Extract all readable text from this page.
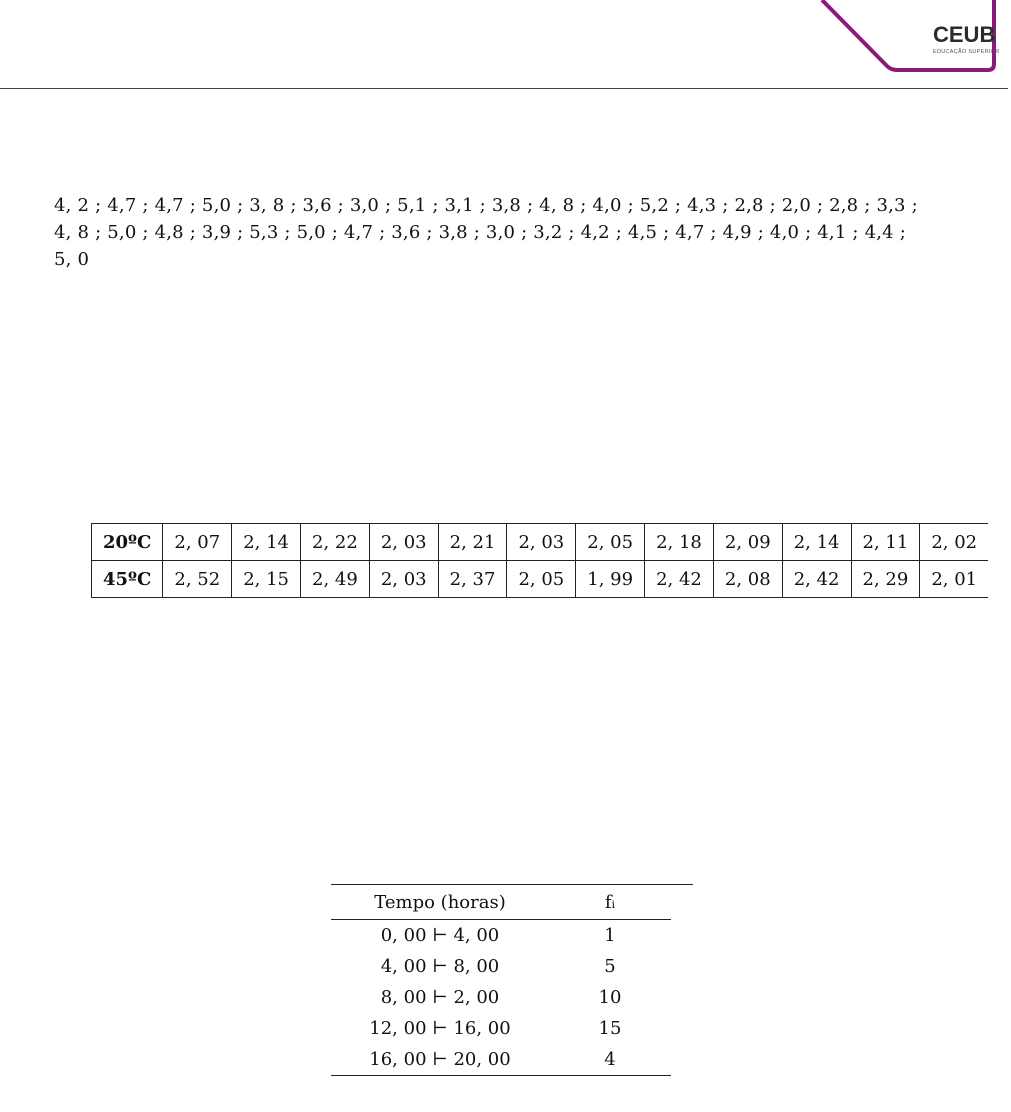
CEUB
EDUCAÇÃO SUPERIOR
4, 2 ; 4,7 ; 4,7 ; 5,0 ; 3, 8 ; 3,6 ; 3,0 ; 5,1 ; 3,1 ; 3,8 ; 4, 8 ; 4,0 ; 5,2 ; 4,3 ; 2,8 ; 2,0 ; 2,8 ; 3,3 ;
4, 8 ; 5,0 ; 4,8 ; 3,9 ; 5,3 ; 5,0 ; 4,7 ; 3,6 ; 3,8 ; 3,0 ; 3,2 ; 4,2 ; 4,5 ; 4,7 ; 4,9 ; 4,0 ; 4,1 ; 4,4 ;
5, 0
20ºC	2, 07	2, 14	2, 22	2, 03	2, 21	2, 03	2, 05	2, 18	2, 09	2, 14	2, 11	2, 02
45ºC	2, 52	2, 15	2, 49	2, 03	2, 37	2, 05	1, 99	2, 42	2, 08	2, 42	2, 29	2, 01
Tempo (horas)	fᵢ
0, 00 ⊢ 4, 00	1
4, 00 ⊢ 8, 00	5
8, 00 ⊢ 2, 00	10
12, 00 ⊢ 16, 00	15
16, 00 ⊢ 20, 00	4
